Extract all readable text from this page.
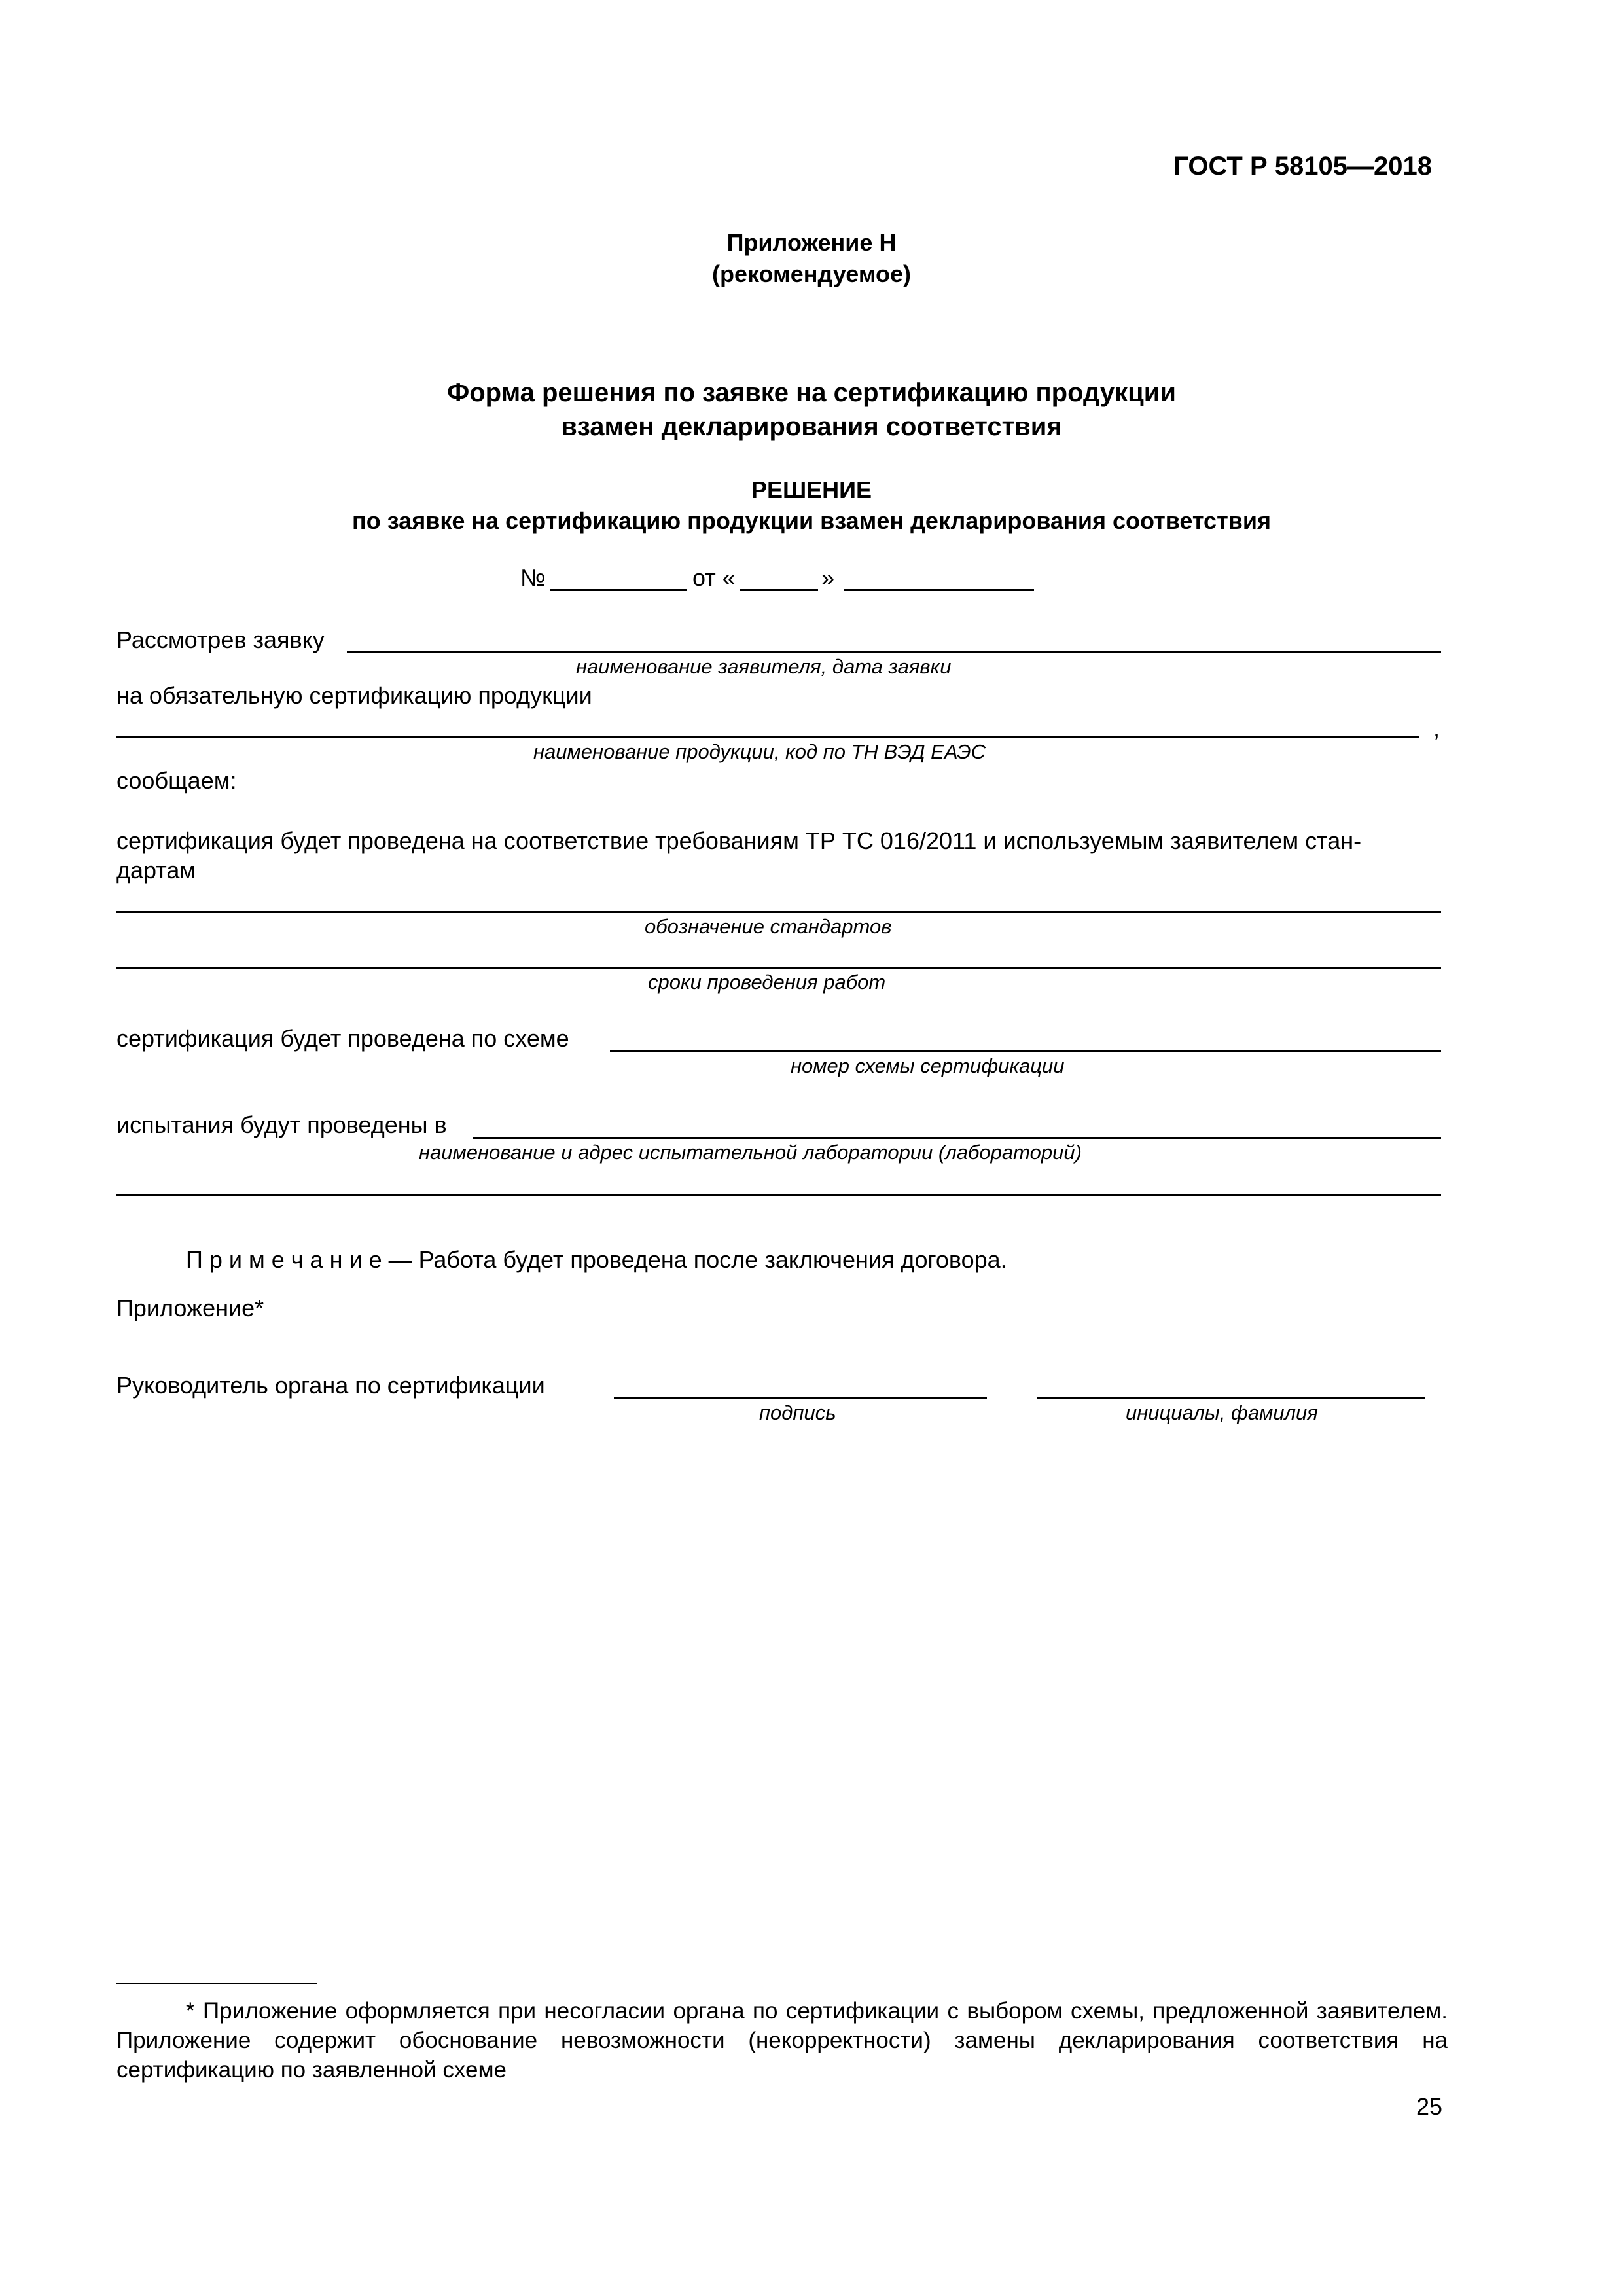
ГОСТ Р 58105—2018
Приложение Н
(рекомендуемое)
Форма решения по заявке на сертификацию продукции
взамен декларирования соответствия
РЕШЕНИЕ
по заявке на сертификацию продукции взамен декларирования соответствия
№	от «	»
Рассмотрев заявку
наименование заявителя, дата заявки
на обязательную сертификацию продукции
,
наименование продукции, код по ТН ВЭД ЕАЭС
сообщаем:
сертификация будет проведена на соответствие требованиям ТР ТС 016/2011 и используемым заявителем стан-
дартам
обозначение стандартов
сроки проведения работ
сертификация будет проведена по схеме
номер схемы сертификации
испытания будут проведены в
наименование и адрес испытательной лаборатории (лабораторий)
П р и м е ч а н и е — Работа будет проведена после заключения договора.
Приложение*
Руководитель органа по сертификации
подпись	инициалы, фамилия
* Приложение оформляется при несогласии органа по сертификации с выбором схемы, предложенной заявителем. Приложение содержит обоснование невозможности (некорректности) замены декларирования соответствия на сертификацию по заявленной схеме
25
